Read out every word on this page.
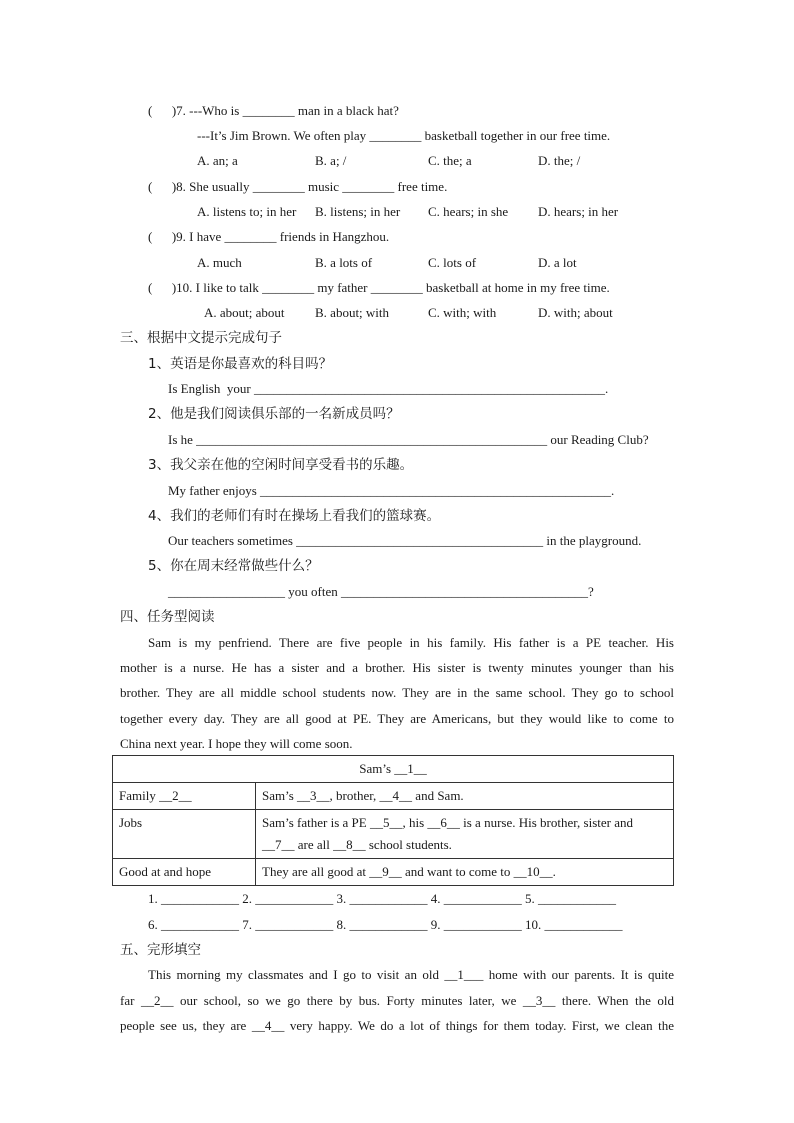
(      )7. ---Who is ________ man in a black hat?
---It’s Jim Brown. We often play ________ basketball together in our free time.
A. an; a	B. a; /	C. the; a	D. the; /
(      )8. She usually ________ music ________ free time.
A. listens to; in her B. listens; in her C. hears; in she D. hears; in her
(      )9. I have ________ friends in Hangzhou.
A. much	B. a lots of	C. lots of	D. a lot
(      )10. I like to talk ________ my father ________ basketball at home in my free time.
A. about; about B. about; with	C. with; with	D. with; about
三、根据中文提示完成句子
1、英语是你最喜欢的科目吗？
Is English  your ______________________________________________________.
2、他是我们阅读俱乐部的一名新成员吗？
Is he ______________________________________________________ our Reading Club?
3、我父亲在他的空闲时间享受看书的乐趣。
My father enjoys ______________________________________________________.
4、我们的老师们有时在操场上看我们的篮球赛。
Our teachers sometimes ______________________________________ in the playground.
5、你在周末经常做些什么？
__________________ you often ______________________________________?
四、任务型阅读
Sam is my penfriend. There are five people in his family. His father is a PE teacher. His
mother is a nurse. He has a sister and a brother. His sister is twenty minutes younger than his
brother. They are all middle school students now. They are in the same school. They go to school
together every day. They are all good at PE. They are Americans, but they would like to come to
China next year. I hope they will come soon.
Sam’s __1__	
Family __2__	Sam’s __3__, brother, __4__ and Sam.
Jobs	Sam’s father is a PE __5__, his __6__ is a nurse. His brother, sister and __7__ are all __8__ school students.
Good at and hope	They are all good at __9__ and want to come to __10__.
1. ____________ 2. ____________ 3. ____________ 4. ____________ 5. ____________
6. ____________ 7. ____________ 8. ____________ 9. ____________ 10. ____________
五、完形填空
This morning my classmates and I go to visit an old __1___ home with our parents. It is quite
far __2__ our school, so we go there by bus. Forty minutes later, we __3__ there. When the old
people see us, they are __4__ very happy. We do a lot of things for them today. First, we clean the
